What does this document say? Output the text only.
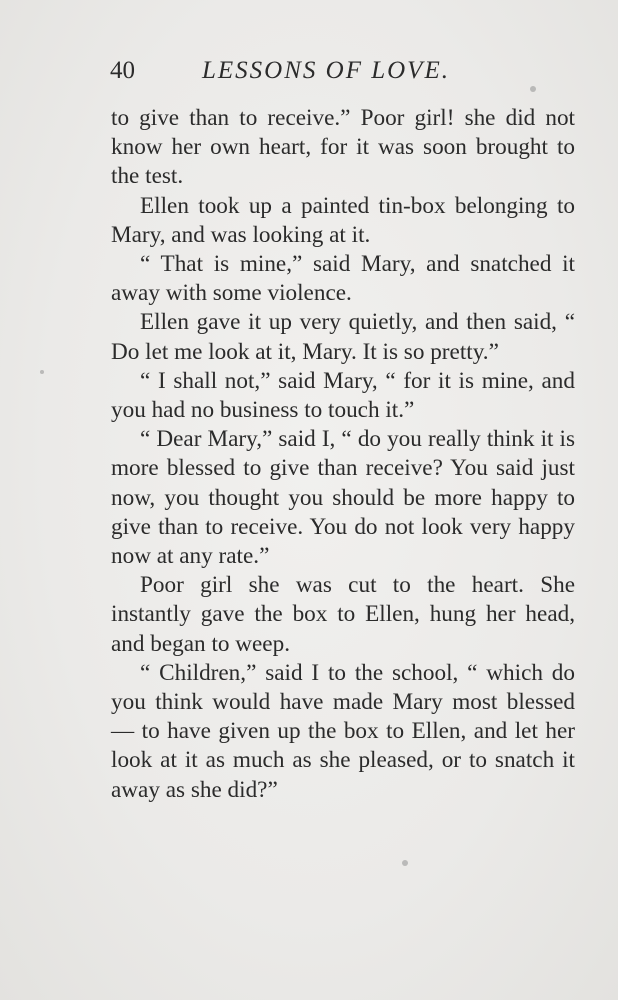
40	LESSONS OF LOVE.

to give than to receive.” Poor girl! she did not know her own heart, for it was soon brought to the test.

Ellen took up a painted tin-box belonging to Mary, and was looking at it.

“ That is mine,” said Mary, and snatched it away with some violence.

Ellen gave it up very quietly, and then said, “ Do let me look at it, Mary. It is so pretty.”

“ I shall not,” said Mary, “ for it is mine, and you had no business to touch it.”

“ Dear Mary,” said I, “ do you really think it is more blessed to give than receive? You said just now, you thought you should be more happy to give than to receive. You do not look very happy now at any rate.”

Poor girl she was cut to the heart. She instantly gave the box to Ellen, hung her head, and began to weep.

“ Children,” said I to the school, “ which do you think would have made Mary most blessed — to have given up the box to Ellen, and let her look at it as much as she pleased, or to snatch it away as she did?”
